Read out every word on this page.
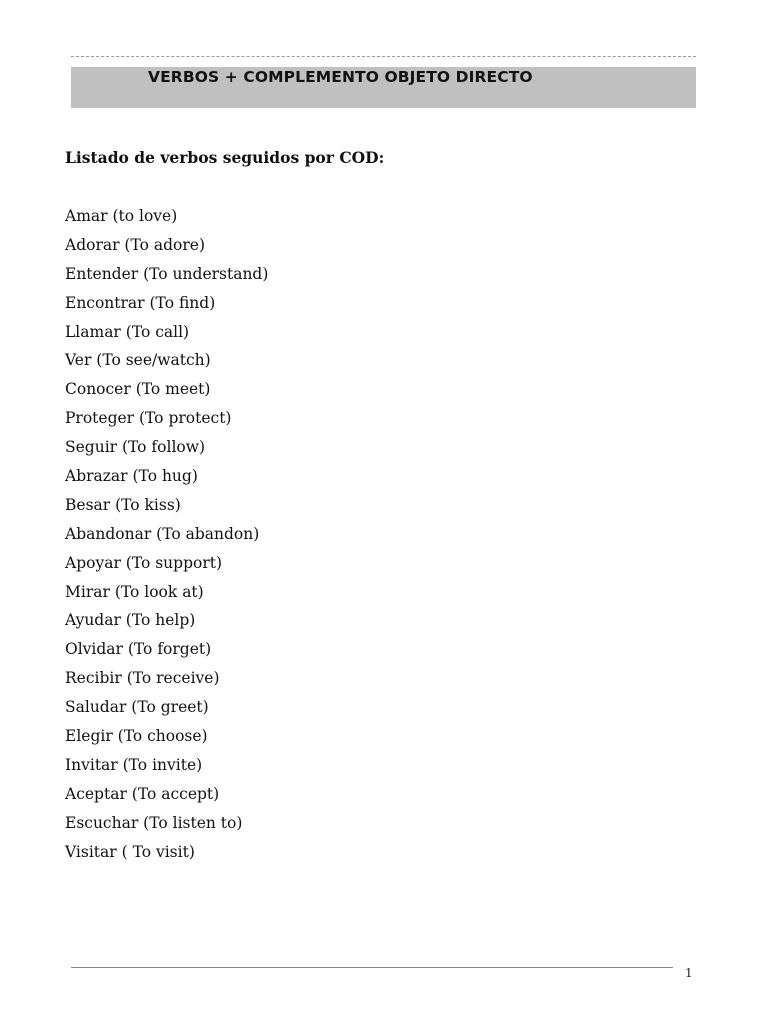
VERBOS + COMPLEMENTO OBJETO DIRECTO
Listado de verbos seguidos por COD:
Amar (to love)
Adorar (To adore)
Entender (To understand)
Encontrar (To find)
Llamar (To call)
Ver (To see/watch)
Conocer (To meet)
Proteger (To protect)
Seguir (To follow)
Abrazar (To hug)
Besar (To kiss)
Abandonar (To abandon)
Apoyar (To support)
Mirar (To look at)
Ayudar (To help)
Olvidar (To forget)
Recibir (To receive)
Saludar (To greet)
Elegir (To choose)
Invitar (To invite)
Aceptar (To accept)
Escuchar (To listen to)
Visitar ( To visit)
1
